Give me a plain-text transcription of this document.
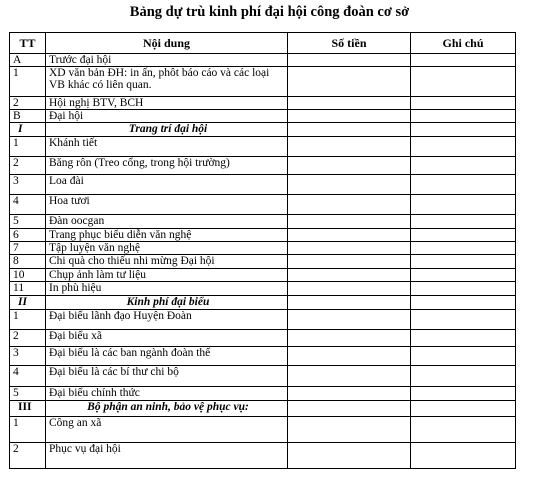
Bảng dự trù kinh phí đại hội công đoàn cơ sở
TT	Nội dung	Số tiền	Ghi chú
A	Trước đại hội		
1	XD văn bản ĐH: in ấn, phôt báo cáo và các loại VB khác có liên quan.		
2	Hội nghị BTV, BCH		
B	Đại hội		
I	Trang trí đại hội		
1	Khánh tiết		
2	Băng rôn (Treo cổng, trong hội trường)		
3	Loa đài		
4	Hoa tươi		
5	Đàn oocgan		
6	Trang phục biểu diễn văn nghệ		
7	Tập luyện văn nghệ		
8	Chi quà cho thiếu nhi mừng Đại hội		
10	Chụp ảnh làm tư liệu		
11	In phù hiệu		
II	Kinh phí đại biểu		
1	Đại biểu lãnh đạo Huyện Đoàn		
2	Đại biểu xã		
3	Đại biểu là các ban ngành đoàn thể		
4	Đại biểu là các bí thư chi bộ		
5	Đại biểu chính thức		
III	Bộ phận an ninh, bảo vệ phục vụ:		
1	Công an xã		
2	Phục vụ đại hội		
